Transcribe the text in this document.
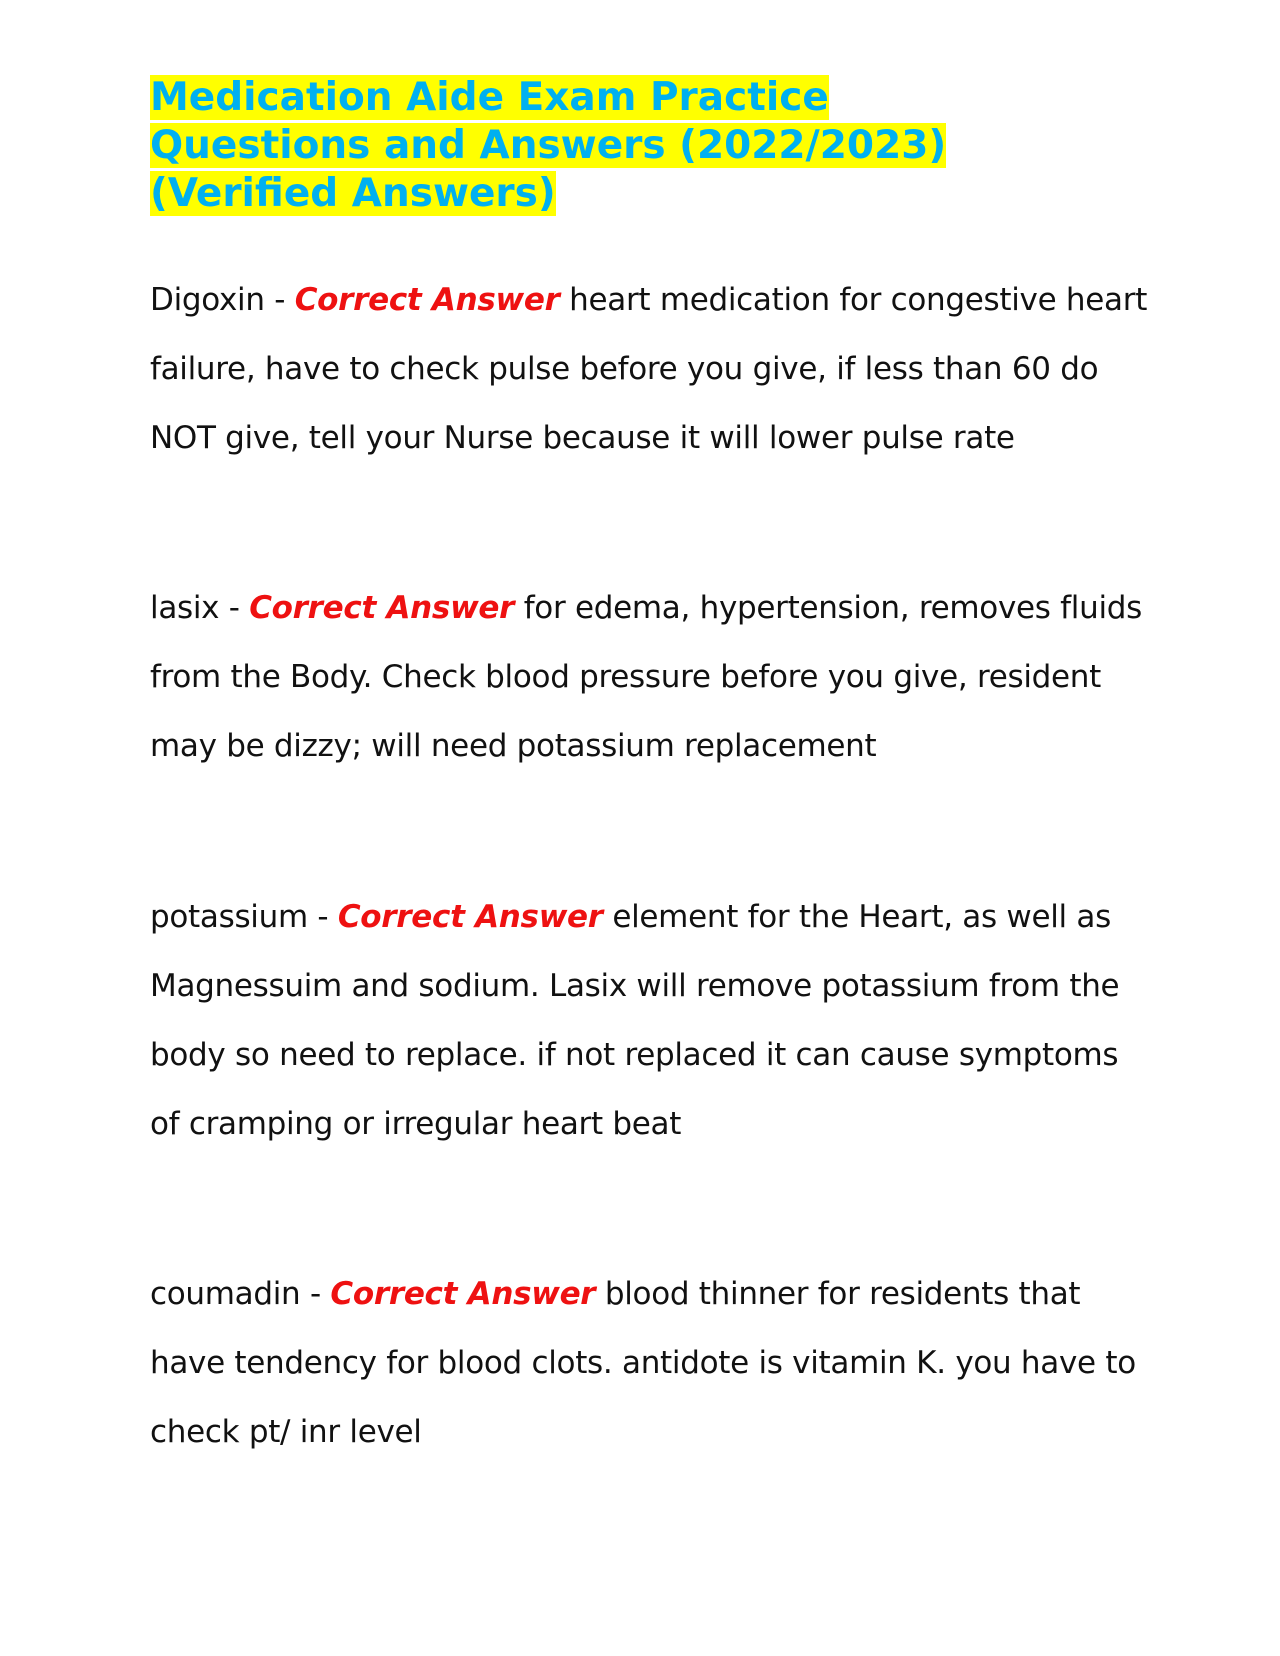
Medication Aide Exam Practice
Questions and Answers (2022/2023)
(Verified Answers)

Digoxin - Correct Answer heart medication for congestive heart failure, have to check pulse before you give, if less than 60 do NOT give, tell your Nurse because it will lower pulse rate

lasix - Correct Answer for edema, hypertension, removes fluids from the Body. Check blood pressure before you give, resident may be dizzy; will need potassium replacement

potassium - Correct Answer element for the Heart, as well as Magnessuim and sodium. Lasix will remove potassium from the body so need to replace. if not replaced it can cause symptoms of cramping or irregular heart beat

coumadin - Correct Answer blood thinner for residents that have tendency for blood clots. antidote is vitamin K. you have to check pt/ inr level
